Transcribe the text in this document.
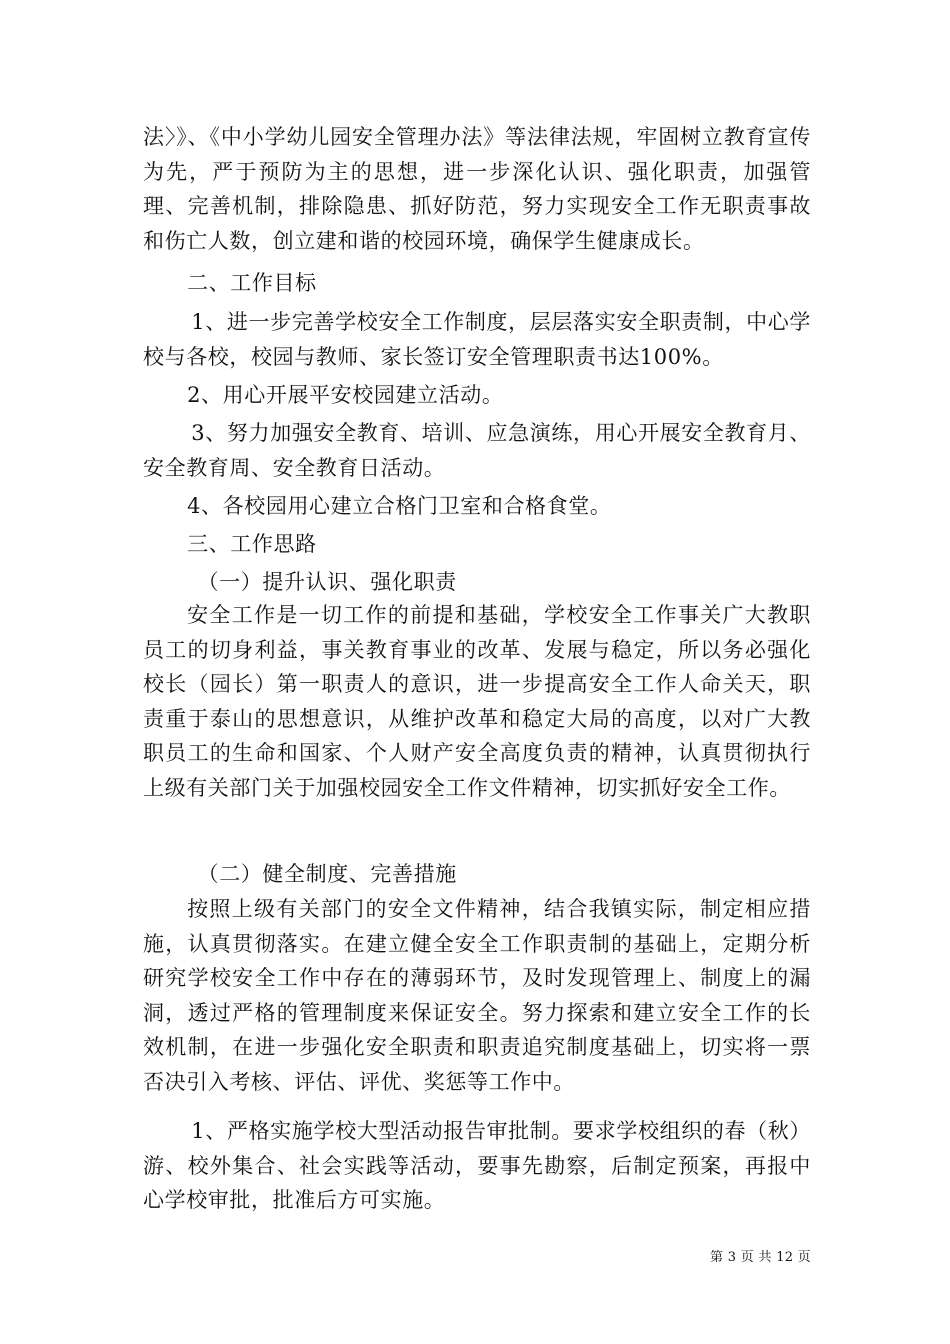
法〉》、《中小学幼儿园安全管理办法》等法律法规，牢固树立教育宣传为先，严于预防为主的思想，进一步深化认识、强化职责，加强管理、完善机制，排除隐患、抓好防范，努力实现安全工作无职责事故和伤亡人数，创立建和谐的校园环境，确保学生健康成长。

二、工作目标

1、进一步完善学校安全工作制度，层层落实安全职责制，中心学校与各校，校园与教师、家长签订安全管理职责书达100%。

2、用心开展平安校园建立活动。

3、努力加强安全教育、培训、应急演练，用心开展安全教育月、安全教育周、安全教育日活动。

4、各校园用心建立合格门卫室和合格食堂。

三、工作思路

（一）提升认识、强化职责

安全工作是一切工作的前提和基础，学校安全工作事关广大教职员工的切身利益，事关教育事业的改革、发展与稳定，所以务必强化校长（园长）第一职责人的意识，进一步提高安全工作人命关天，职责重于泰山的思想意识，从维护改革和稳定大局的高度，以对广大教职员工的生命和国家、个人财产安全高度负责的精神，认真贯彻执行上级有关部门关于加强校园安全工作文件精神，切实抓好安全工作。

（二）健全制度、完善措施

按照上级有关部门的安全文件精神，结合我镇实际，制定相应措施，认真贯彻落实。在建立健全安全工作职责制的基础上，定期分析研究学校安全工作中存在的薄弱环节，及时发现管理上、制度上的漏洞，透过严格的管理制度来保证安全。努力探索和建立安全工作的长效机制，在进一步强化安全职责和职责追究制度基础上，切实将一票否决引入考核、评估、评优、奖惩等工作中。

1、严格实施学校大型活动报告审批制。要求学校组织的春（秋）游、校外集合、社会实践等活动，要事先勘察，后制定预案，再报中心学校审批，批准后方可实施。

第 3 页 共 12 页
